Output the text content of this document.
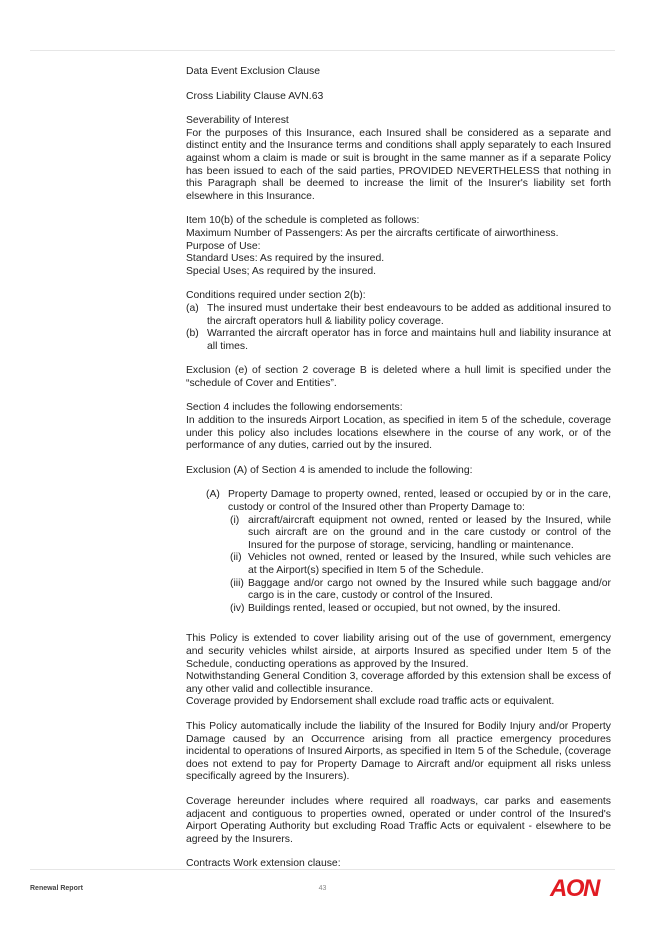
Data Event Exclusion Clause

Cross Liability Clause AVN.63

Severability of Interest

For the purposes of this Insurance, each Insured shall be considered as a separate and distinct entity and the Insurance terms and conditions shall apply separately to each Insured against whom a claim is made or suit is brought in the same manner as if a separate Policy has been issued to each of the said parties, PROVIDED NEVERTHELESS that nothing in this Paragraph shall be deemed to increase the limit of the Insurer's liability set forth elsewhere in this Insurance.

Item 10(b) of the schedule is completed as follows:

Maximum Number of Passengers: As per the aircrafts certificate of airworthiness.

Purpose of Use:

Standard Uses: As required by the insured.

Special Uses; As required by the insured.

Conditions required under section 2(b):

(a) The insured must undertake their best endeavours to be added as additional insured to the aircraft operators hull & liability policy coverage.
(b) Warranted the aircraft operator has in force and maintains hull and liability insurance at all times.

Exclusion (e) of section 2 coverage B is deleted where a hull limit is specified under the “schedule of Cover and Entities”.

Section 4 includes the following endorsements:

In addition to the insureds Airport Location, as specified in item 5 of the schedule, coverage under this policy also includes locations elsewhere in the course of any work, or of the performance of any duties, carried out by the insured.

Exclusion (A) of Section 4 is amended to include the following:

(A) Property Damage to property owned, rented, leased or occupied by or in the care, custody or control of the Insured other than Property Damage to:
(i) aircraft/aircraft equipment not owned, rented or leased by the Insured, while such aircraft are on the ground and in the care custody or control of the Insured for the purpose of storage, servicing, handling or maintenance.
(ii) Vehicles not owned, rented or leased by the Insured, while such vehicles are at the Airport(s) specified in Item 5 of the Schedule.
(iii) Baggage and/or cargo not owned by the Insured while such baggage and/or cargo is in the care, custody or control of the Insured.
(iv) Buildings rented, leased or occupied, but not owned, by the insured.

This Policy is extended to cover liability arising out of the use of government, emergency and security vehicles whilst airside, at airports Insured as specified under Item 5 of the Schedule, conducting operations as approved by the Insured.

Notwithstanding General Condition 3, coverage afforded by this extension shall be excess of any other valid and collectible insurance.

Coverage provided by Endorsement shall exclude road traffic acts or equivalent.

This Policy automatically include the liability of the Insured for Bodily Injury and/or Property Damage caused by an Occurrence arising from all practice emergency procedures incidental to operations of Insured Airports, as specified in Item 5 of the Schedule, (coverage does not extend to pay for Property Damage to Aircraft and/or equipment all risks unless specifically agreed by the Insurers).

Coverage hereunder includes where required all roadways, car parks and easements adjacent and contiguous to properties owned, operated or under control of the Insured's Airport Operating Authority but excluding Road Traffic Acts or equivalent - elsewhere to be agreed by the Insurers.

Contracts Work extension clause:

Renewal Report	43	AON
